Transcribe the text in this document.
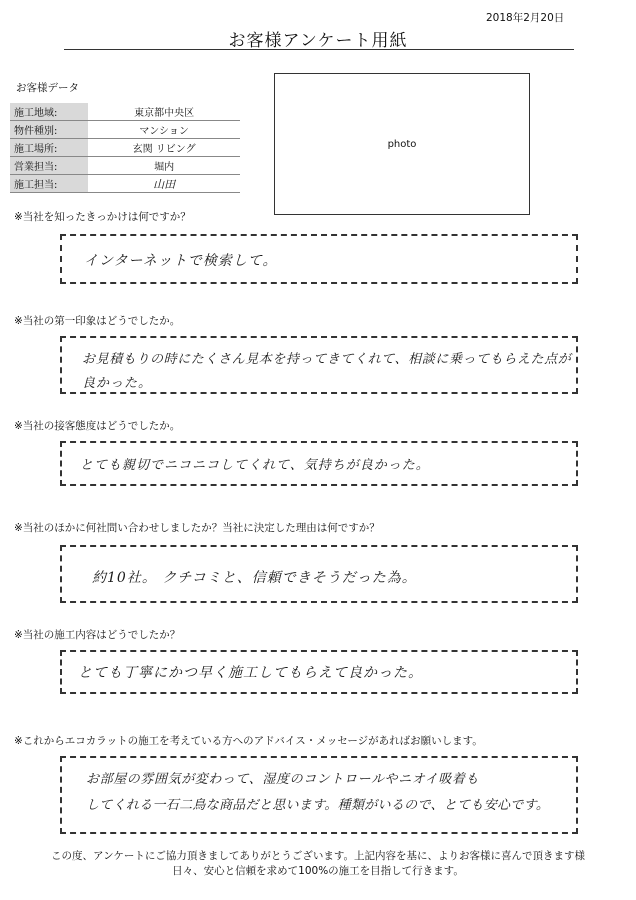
2018年2月20日
お客様アンケート用紙
お客様データ
施工地域:	東京都中央区
物件種別:	マンション
施工場所:	玄関 リビング
営業担当:	堀内
施工担当:	山田
photo
※当社を知ったきっかけは何ですか？
インターネットで検索して。
※当社の第一印象はどうでしたか。
お見積もりの時にたくさん見本を持ってきてくれて、相談に乗ってもらえた点が
良かった。
※当社の接客態度はどうでしたか。
とても親切でニコニコしてくれて、気持ちが良かった。
※当社のほかに何社問い合わせしましたか？当社に決定した理由は何ですか？
約10社。 クチコミと、信頼できそうだった為。
※当社の施工内容はどうでしたか？
とても丁寧にかつ早く施工してもらえて良かった。
※これからエコカラットの施工を考えている方へのアドバイス・メッセージがあればお願いします。
お部屋の雰囲気が変わって、湿度のコントロールやニオイ吸着も
してくれる一石二鳥な商品だと思います。種類がいるので、とても安心です。
この度、アンケートにご協力頂きましてありがとうございます。上記内容を基に、よりお客様に喜んで頂きます様
日々、安心と信頼を求めて100%の施工を目指して行きます。
